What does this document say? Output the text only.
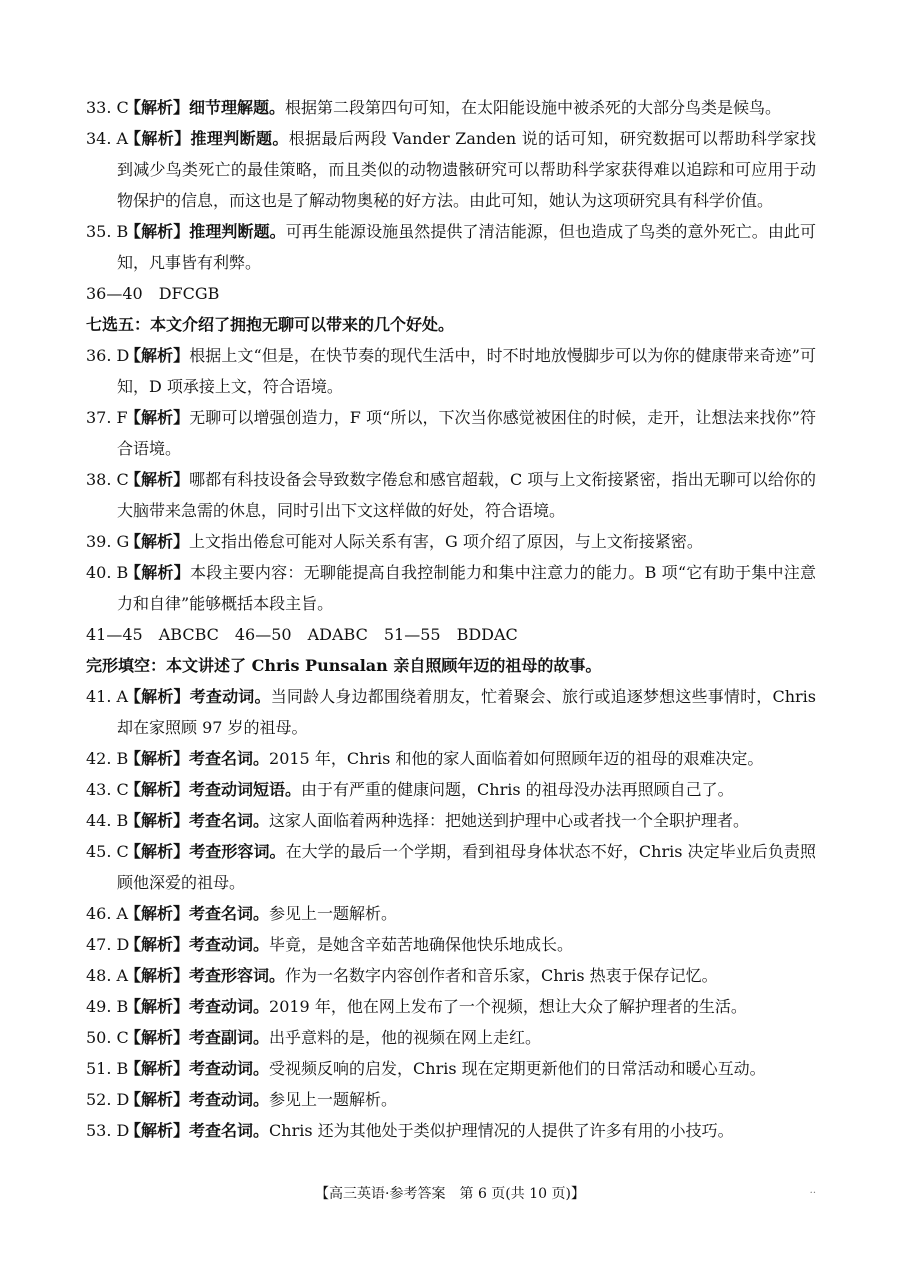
33. C
【解析】细节理解题。根据第二段第四句可知，在太阳能设施中被杀死的大部分鸟类是候鸟。

34. A
【解析】推理判断题。根据最后两段 Vander Zanden 说的话可知，研究数据可以帮助科学家找到减少鸟类死亡的最佳策略，而且类似的动物遗骸研究可以帮助科学家获得难以追踪和可应用于动物保护的信息，而这也是了解动物奥秘的好方法。由此可知，她认为这项研究具有科学价值。

35. B
【解析】推理判断题。可再生能源设施虽然提供了清洁能源，但也造成了鸟类的意外死亡。由此可知，凡事皆有利弊。

36—40　DFCGB

七选五：本文介绍了拥抱无聊可以带来的几个好处。

36. D
【解析】根据上文“但是，在快节奏的现代生活中，时不时地放慢脚步可以为你的健康带来奇迹”可知，D 项承接上文，符合语境。

37. F
【解析】无聊可以增强创造力，F 项“所以，下次当你感觉被困住的时候，走开，让想法来找你”符合语境。

38. C
【解析】哪都有科技设备会导致数字倦怠和感官超载，C 项与上文衔接紧密，指出无聊可以给你的大脑带来急需的休息，同时引出下文这样做的好处，符合语境。

39. G
【解析】上文指出倦怠可能对人际关系有害，G 项介绍了原因，与上文衔接紧密。

40. B
【解析】本段主要内容：无聊能提高自我控制能力和集中注意力的能力。B 项“它有助于集中注意力和自律”能够概括本段主旨。

41—45　ABCBC 46—50　ADABC 51—55　BDDAC

完形填空：本文讲述了 Chris Punsalan 亲自照顾年迈的祖母的故事。

41. A
【解析】考查动词。当同龄人身边都围绕着朋友，忙着聚会、旅行或追逐梦想这些事情时，Chris 却在家照顾 97 岁的祖母。

42. B
【解析】考查名词。2015 年，Chris 和他的家人面临着如何照顾年迈的祖母的艰难决定。

43. C
【解析】考查动词短语。由于有严重的健康问题，Chris 的祖母没办法再照顾自己了。

44. B
【解析】考查名词。这家人面临着两种选择：把她送到护理中心或者找一个全职护理者。

45. C
【解析】考查形容词。在大学的最后一个学期，看到祖母身体状态不好，Chris 决定毕业后负责照顾他深爱的祖母。

46. A
【解析】考查名词。参见上一题解析。

47. D
【解析】考查动词。毕竟，是她含辛茹苦地确保他快乐地成长。

48. A
【解析】考查形容词。作为一名数字内容创作者和音乐家，Chris 热衷于保存记忆。

49. B
【解析】考查动词。2019 年，他在网上发布了一个视频，想让大众了解护理者的生活。

50. C
【解析】考查副词。出乎意料的是，他的视频在网上走红。

51. B
【解析】考查动词。受视频反响的启发，Chris 现在定期更新他们的日常活动和暖心互动。

52. D
【解析】考查动词。参见上一题解析。

53. D
【解析】考查名词。Chris 还为其他处于类似护理情况的人提供了许多有用的小技巧。

【高三英语·参考答案　第 6 页(共 10 页)】	··
